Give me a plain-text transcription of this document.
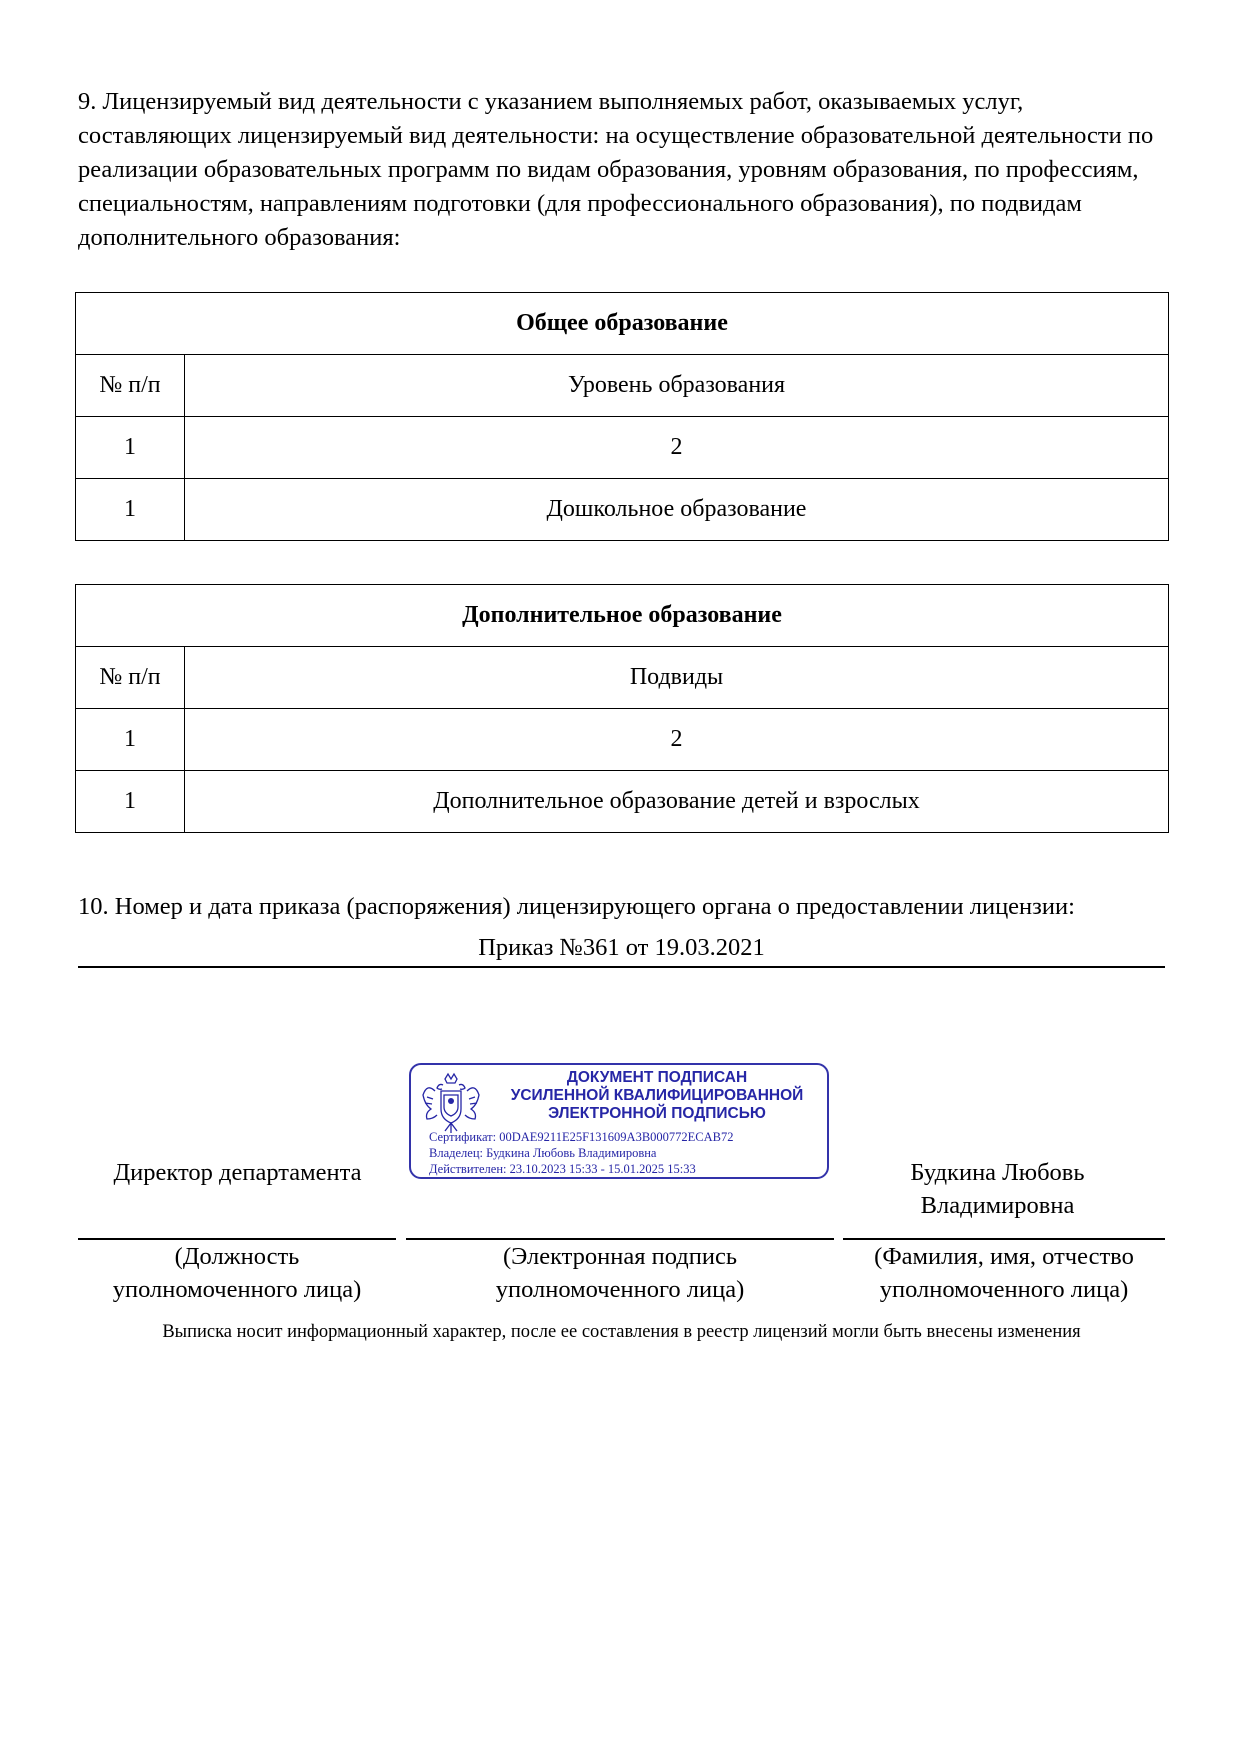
9. Лицензируемый вид деятельности с указанием выполняемых работ, оказываемых услуг, составляющих лицензируемый вид деятельности: на осуществление образовательной деятельности по реализации образовательных программ по видам образования, уровням образования, по профессиям, специальностям, направлениям подготовки (для профессионального образования), по подвидам дополнительного образования:

Общее образование	
№ п/п	Уровень образования
1	2
1	Дошкольное образование
Дополнительное образование	
№ п/п	Подвиды
1	2
1	Дополнительное образование детей и взрослых

10. Номер и дата приказа (распоряжения) лицензирующего органа о предоставлении лицензии:

Приказ №361 от 19.03.2021
ДОКУМЕНТ ПОДПИСАН
УСИЛЕННОЙ КВАЛИФИЦИРОВАННОЙ
ЭЛЕКТРОННОЙ ПОДПИСЬЮ
Сертификат: 00DAE9211E25F131609A3B000772ECAB72
Владелец: Будкина Любовь Владимировна
Действителен: 23.10.2023 15:33 - 15.01.2025 15:33
Директор департамента	Будкина Любовь
Владимировна
(Должность
уполномоченного лица)
(Электронная подпись
уполномоченного лица)
(Фамилия, имя, отчество
уполномоченного лица)
Выписка носит информационный характер, после ее составления в реестр лицензий могли быть внесены изменения
